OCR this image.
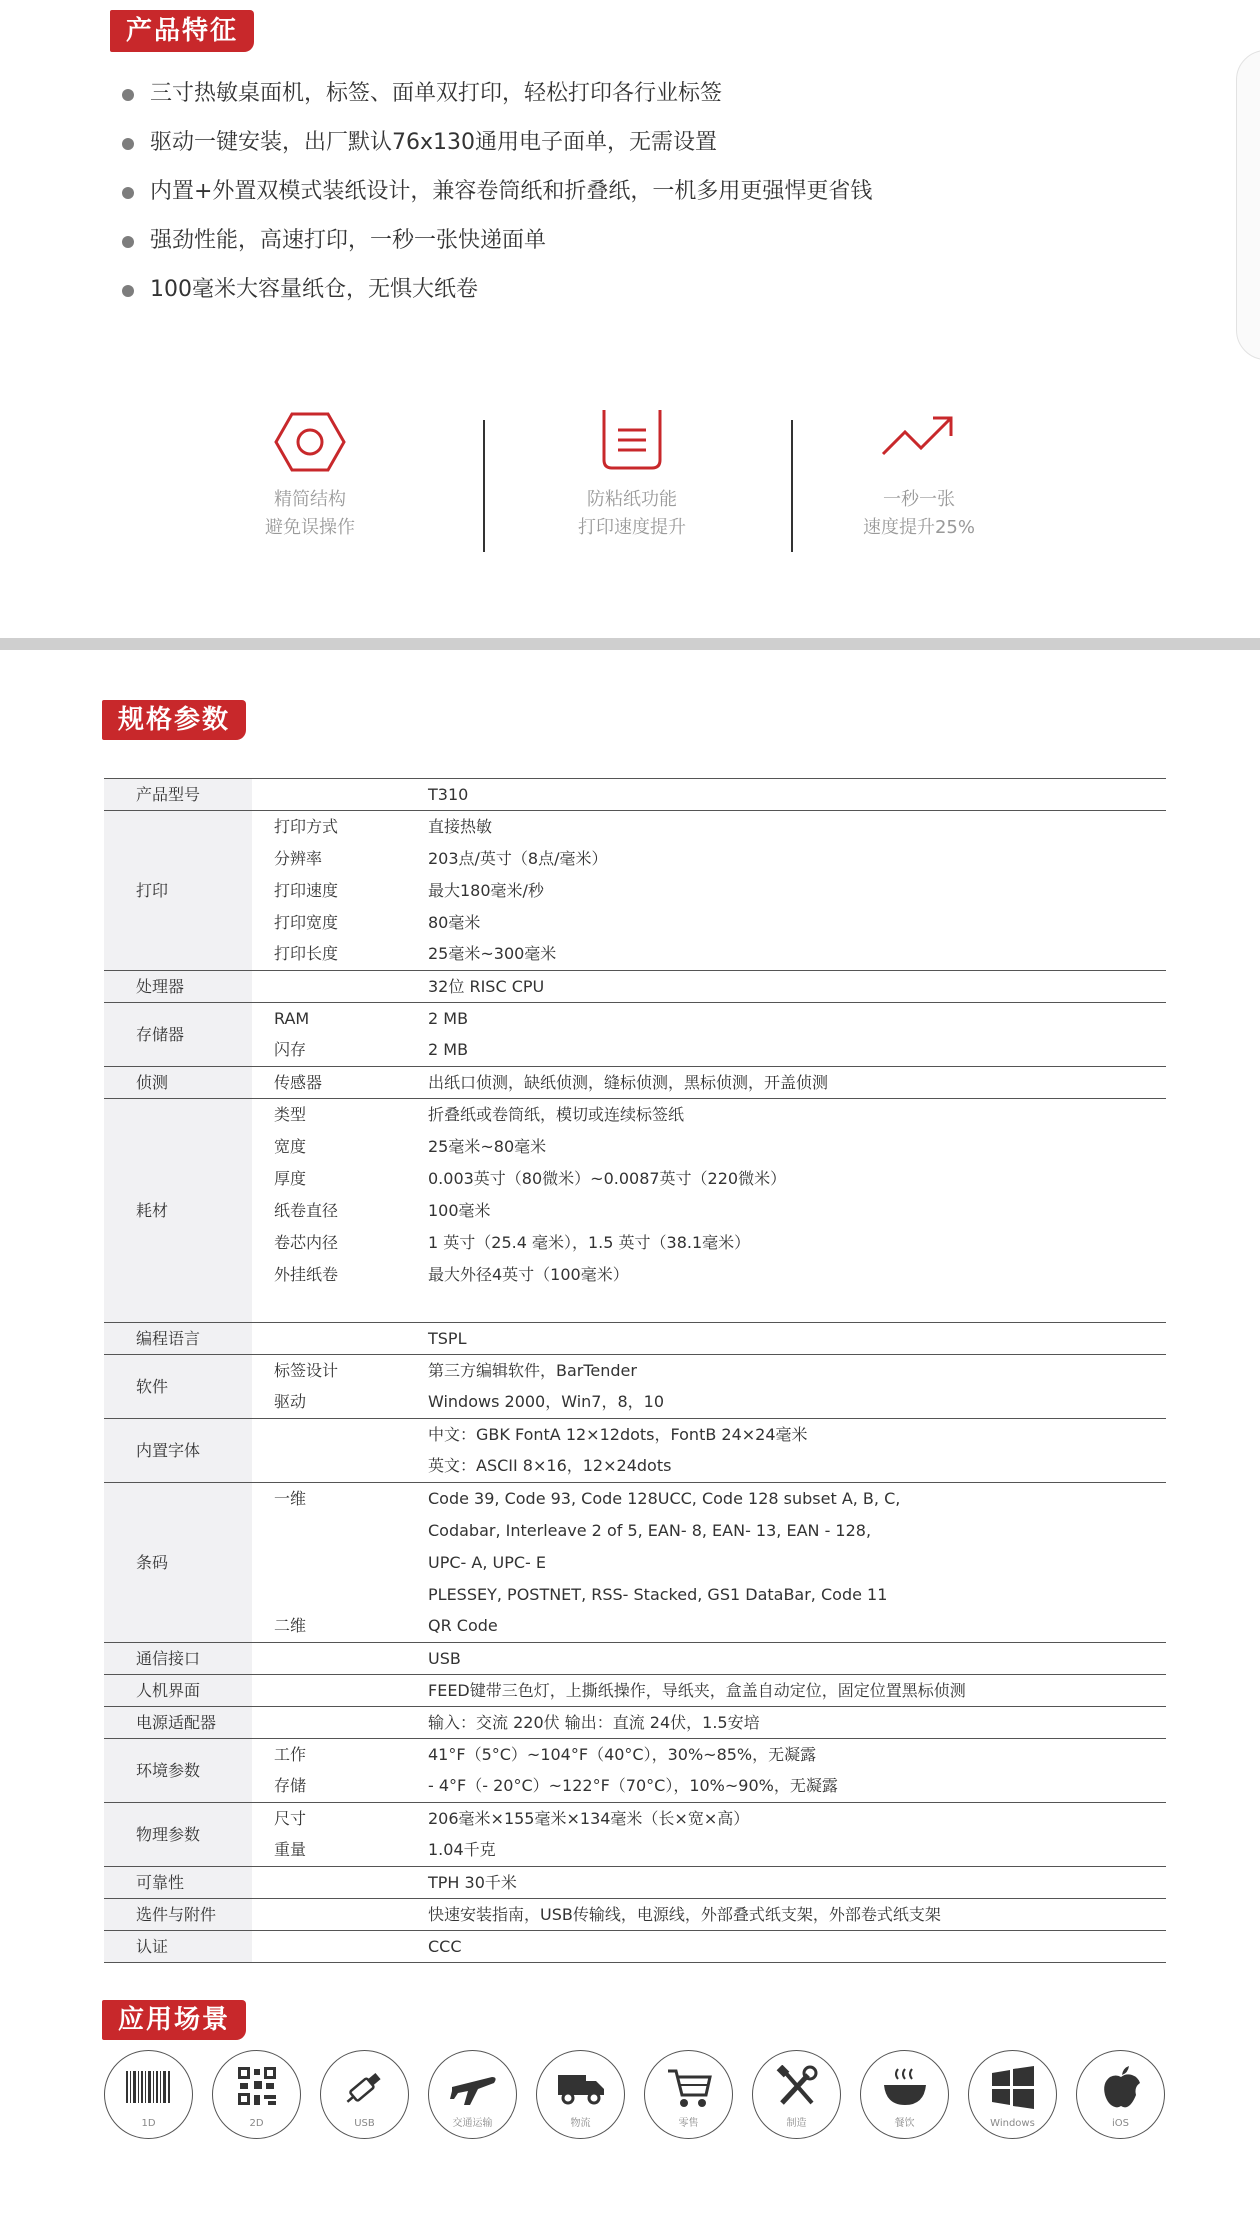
产品特征
三寸热敏桌面机，标签、面单双打印，轻松打印各行业标签
驱动一键安装，出厂默认76x130通用电子面单，无需设置
内置+外置双模式装纸设计，兼容卷筒纸和折叠纸，一机多用更强悍更省钱
强劲性能，高速打印，一秒一张快递面单
100毫米大容量纸仓，无惧大纸卷
精简结构
避免误操作
防粘纸功能
打印速度提升
一秒一张
速度提升25%
规格参数
产品型号		T310
打印	打印方式	直接热敏
	分辨率	203点/英寸（8点/毫米）
	打印速度	最大180毫米/秒
	打印宽度	80毫米
	打印长度	25毫米~300毫米
处理器		32位 RISC CPU
存储器	RAM	2 MB
	闪存	2 MB
侦测	传感器	出纸口侦测，缺纸侦测，缝标侦测，黑标侦测，开盖侦测
耗材	类型	折叠纸或卷筒纸，模切或连续标签纸
	宽度	25毫米~80毫米
	厚度	0.003英寸（80微米）~0.0087英寸（220微米）
	纸卷直径	100毫米
	卷芯内径	1 英寸（25.4 毫米），1.5 英寸（38.1毫米）
	外挂纸卷	最大外径4英寸（100毫米）

编程语言		TSPL
软件	标签设计	第三方编辑软件，BarTender
	驱动	Windows 2000，Win7，8，10
内置字体		中文：GBK FontA 12×12dots，FontB 24×24毫米
		英文：ASCII 8×16，12×24dots
条码	一维	Code 39, Code 93, Code 128UCC, Code 128 subset A, B, C,
		Codabar, Interleave 2 of 5, EAN- 8, EAN- 13, EAN - 128,
		UPC- A, UPC- E
		PLESSEY, POSTNET, RSS- Stacked, GS1 DataBar, Code 11
	二维	QR Code
通信接口		USB
人机界面		FEED键带三色灯，上撕纸操作，导纸夹，盒盖自动定位，固定位置黑标侦测
电源适配器		输入：交流 220伏 输出：直流 24伏，1.5安培
环境参数	工作	41°F（5°C）~104°F（40°C），30%~85%，无凝露
	存储	- 4°F（- 20°C）~122°F（70°C），10%~90%，无凝露
物理参数	尺寸	206毫米×155毫米×134毫米（长×宽×高）
	重量	1.04千克
可靠性		TPH 30千米
选件与附件		快速安装指南，USB传输线，电源线，外部叠式纸支架，外部卷式纸支架
认证		CCC
应用场景
1D	2D	USB	交通运输	物流	零售	制造	餐饮	Windows	iOS
